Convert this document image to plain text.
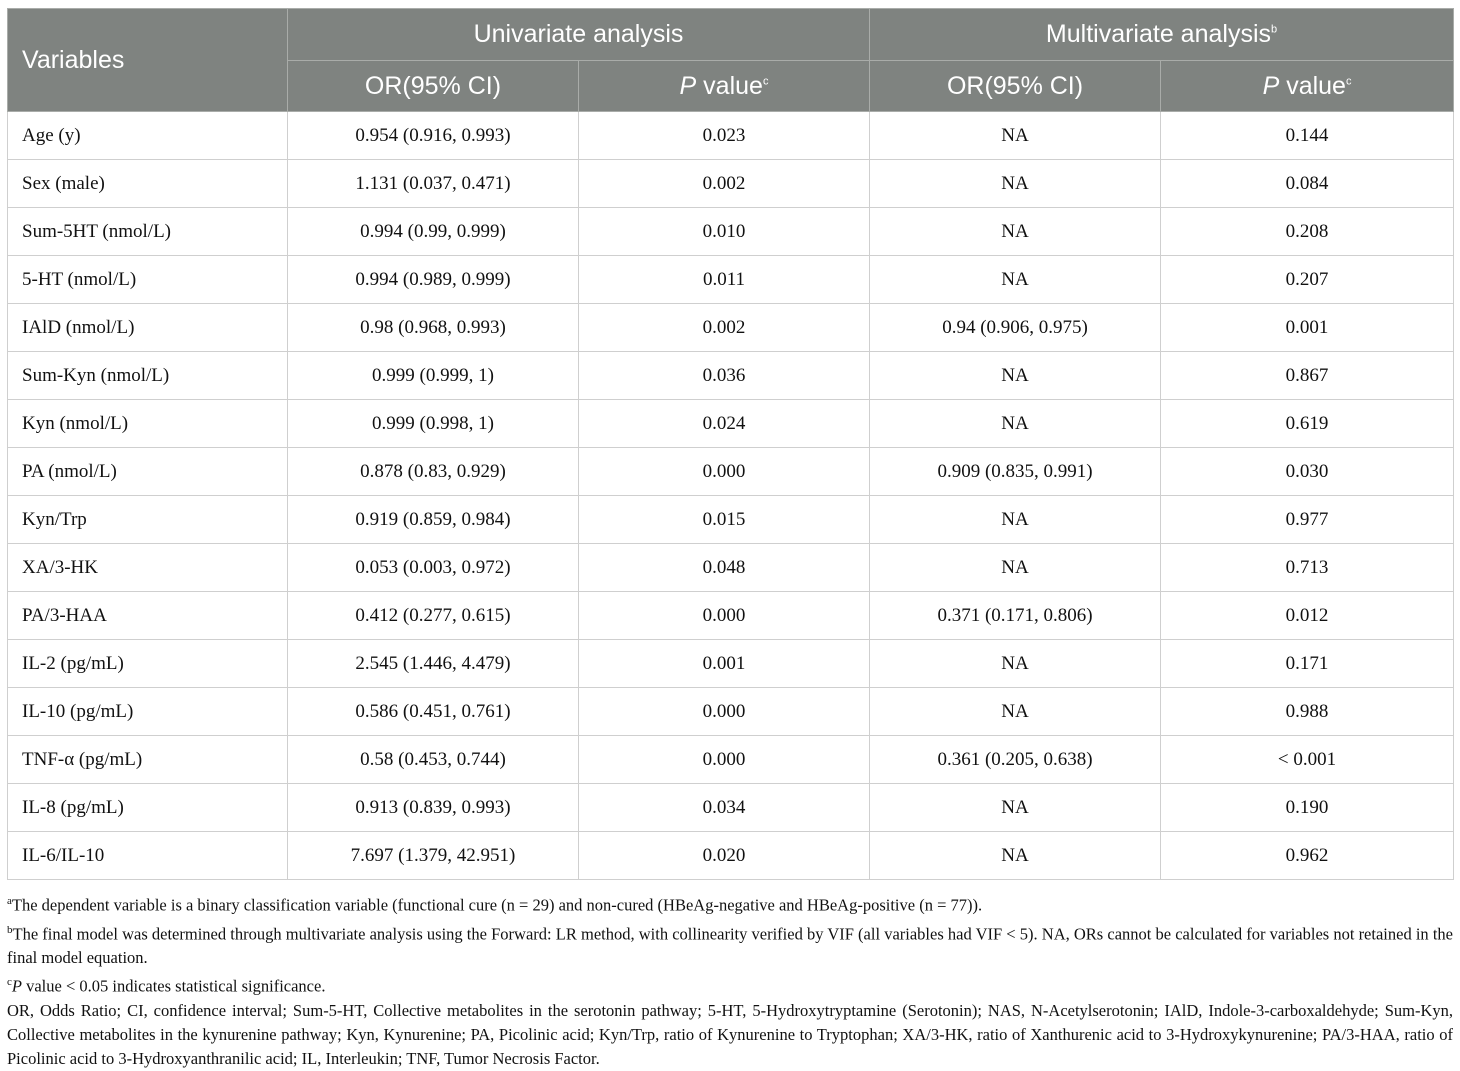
Variables	Univariate analysis		Multivariate analysis$^b$
	OR(95% CI)	P value$^c$	OR(95% CI)	P value$^c$
Age (y)	0.954 (0.916, 0.993)	0.023	NA	0.144
Sex (male)	1.131 (0.037, 0.471)	0.002	NA	0.084
Sum-5HT (nmol/L)	0.994 (0.99, 0.999)	0.010	NA	0.208
5-HT (nmol/L)	0.994 (0.989, 0.999)	0.011	NA	0.207
IAlD (nmol/L)	0.98 (0.968, 0.993)	0.002	0.94 (0.906, 0.975)	0.001
Sum-Kyn (nmol/L)	0.999 (0.999, 1)	0.036	NA	0.867
Kyn (nmol/L)	0.999 (0.998, 1)	0.024	NA	0.619
PA (nmol/L)	0.878 (0.83, 0.929)	0.000	0.909 (0.835, 0.991)	0.030
Kyn/Trp	0.919 (0.859, 0.984)	0.015	NA	0.977
XA/3-HK	0.053 (0.003, 0.972)	0.048	NA	0.713
PA/3-HAA	0.412 (0.277, 0.615)	0.000	0.371 (0.171, 0.806)	0.012
IL-2 (pg/mL)	2.545 (1.446, 4.479)	0.001	NA	0.171
IL-10 (pg/mL)	0.586 (0.451, 0.761)	0.000	NA	0.988
TNF-α (pg/mL)	0.58 (0.453, 0.744)	0.000	0.361 (0.205, 0.638)	< 0.001
IL-8 (pg/mL)	0.913 (0.839, 0.993)	0.034	NA	0.190
IL-6/IL-10	7.697 (1.379, 42.951)	0.020	NA	0.962

$^a$The dependent variable is a binary classification variable (functional cure (n = 29) and non-cured (HBeAg-negative and HBeAg-positive (n = 77)).

$^b$The final model was determined through multivariate analysis using the Forward: LR method, with collinearity verified by VIF (all variables had VIF < 5). NA, ORs cannot be calculated for variables not retained in the final model equation.

$^c$P value < 0.05 indicates statistical significance.

OR, Odds Ratio; CI, confidence interval; Sum-5-HT, Collective metabolites in the serotonin pathway; 5-HT, 5-Hydroxytryptamine (Serotonin); NAS, N-Acetylserotonin; IAlD, Indole-3-carboxaldehyde; Sum-Kyn, Collective metabolites in the kynurenine pathway; Kyn, Kynurenine; PA, Picolinic acid; Kyn/Trp, ratio of Kynurenine to Tryptophan; XA/3-HK, ratio of Xanthurenic acid to 3-Hydroxykynurenine; PA/3-HAA, ratio of Picolinic acid to 3-Hydroxyanthranilic acid; IL, Interleukin; TNF, Tumor Necrosis Factor.
